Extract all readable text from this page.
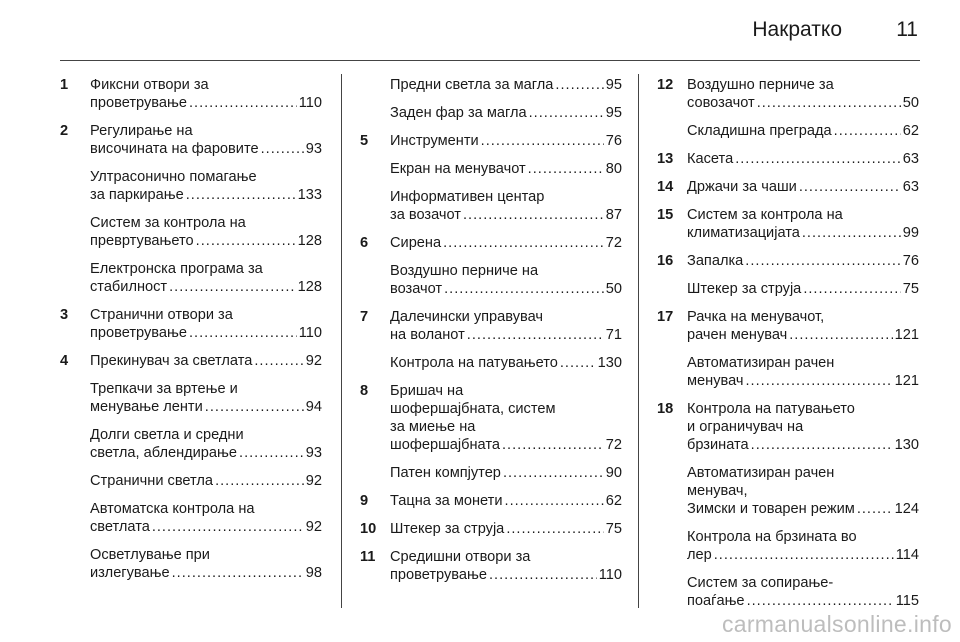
Накратко	11
1 Фиксни отвори за
проветрување .....	110
2 Регулирање на
височината на фаровите .....	93
Ултрасонично помагање
за паркирање .....	133
Систем за контрола на
превртувањето .....	128
Електронска програма за
стабилност .....	128
3 Странични отвори за
проветрување .....	110
4 Прекинувач за светлата .....	92
Трепкачи за вртење и
менување ленти .....	94
Долги светла и средни
светла, аблендирање .....	93
Странични светла .....	92
Автоматска контрола на
светлата .....	92
Осветлување при
излегување .....	98
Предни светла за магла .....	95
Заден фар за магла .....	95
5 Инструменти .....	76
Екран на менувачот .....	80
Информативен центар
за возачот .....	87
6 Сирена .....	72
Воздушно перниче на
возачот .....	50
7 Далечински управувач
на воланот .....	71
Контрола на патувањето .....	130
8 Бришач на
шофершајбната, систем
за миење на
шофершајбната .....	72
Патен компјутер .....	90
9 Тацна за монети .....	62
10 Штекер за струја .....	75
11 Средишни отвори за
проветрување .....	110
12 Воздушно перниче за
совозачот .....	50
Складишна преграда .....	62
13 Касета .....	63
14 Држачи за чаши .....	63
15 Систем за контрола на
климатизацијата .....	99
16 Запалка .....	76
Штекер за струја .....	75
17 Рачка на менувачот,
рачен менувач .....	121
Автоматизиран рачен
менувач .....	121
18 Контрола на патувањето
и ограничувач на
брзината .....	130
Автоматизиран рачен
менувач,
Зимски и товарен режим .....	124
Контрола на брзината во
лер .....	114
Систем за сопирање-
поаѓање .....	115
carmanualsonline.info
